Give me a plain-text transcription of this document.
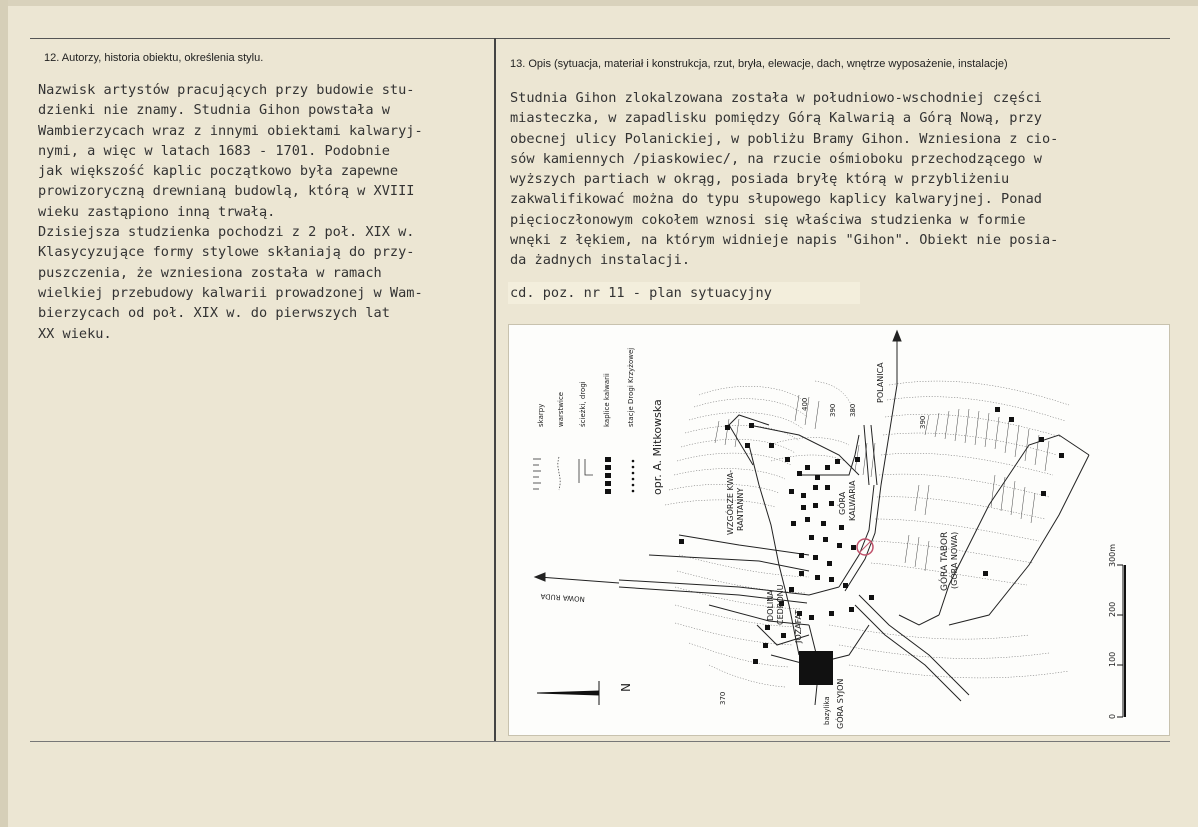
12. Autorzy, historia obiektu, określenia stylu.	13. Opis (sytuacja, materiał i konstrukcja, rzut, bryła, elewacje, dach, wnętrze wyposażenie, instalacje)
Nazwisk artystów pracujących przy budowie stu-
dzienki nie znamy. Studnia Gihon powstała w
Wambierzycach wraz z innymi obiektami kalwaryj-
nymi, a więc w latach 1683 - 1701. Podobnie
jak większość kaplic początkowo była zapewne
prowizoryczną drewnianą budowlą, którą w XVIII
wieku zastąpiono inną trwałą.
Dzisiejsza studzienka pochodzi z 2 poł. XIX w.
Klasycyzujące formy stylowe skłaniają do przy-
puszczenia, że wzniesiona została w ramach
wielkiej przebudowy kalwarii prowadzonej w Wam-
bierzycach od poł. XIX w. do pierwszych lat
XX wieku.
Studnia Gihon zlokalzowana została w południowo-wschodniej części
miasteczka, w zapadlisku pomiędzy Górą Kalwarią a Górą Nową, przy
obecnej ulicy Polanickiej, w pobliżu Bramy Gihon. Wzniesiona z cio-
sów kamiennych /piaskowiec/, na rzucie ośmioboku przechodzącego w
wyższych partiach w okrąg, posiada bryłę którą w przybliżeniu
zakwalifikować można do typu słupowego kaplicy kalwaryjnej. Ponad
pięcioczłonowym cokołem wznosi się właściwa studzienka w formie
wnęki z łękiem, na którym widnieje napis "Gihon". Obiekt nie posia-
da żadnych instalacji.
cd. poz. nr 11 - plan sytuacyjny
skarpy warstwice ścieżki, drogi kaplice kalwarii stacje Drogi Krzyżowej
opr. A. Mitkowska
POLANICA
NOWA RUDA
WZGÓRZE KWA- RANTANNY	GÓRA KALWARIA
GÓRA TABOR (GÓRA NOWA)
DOLINA CEDRONU
JOZAFAT
GÓRA SYJON
bazylika
400	390 380
390
370
N
300m
200
100
0
